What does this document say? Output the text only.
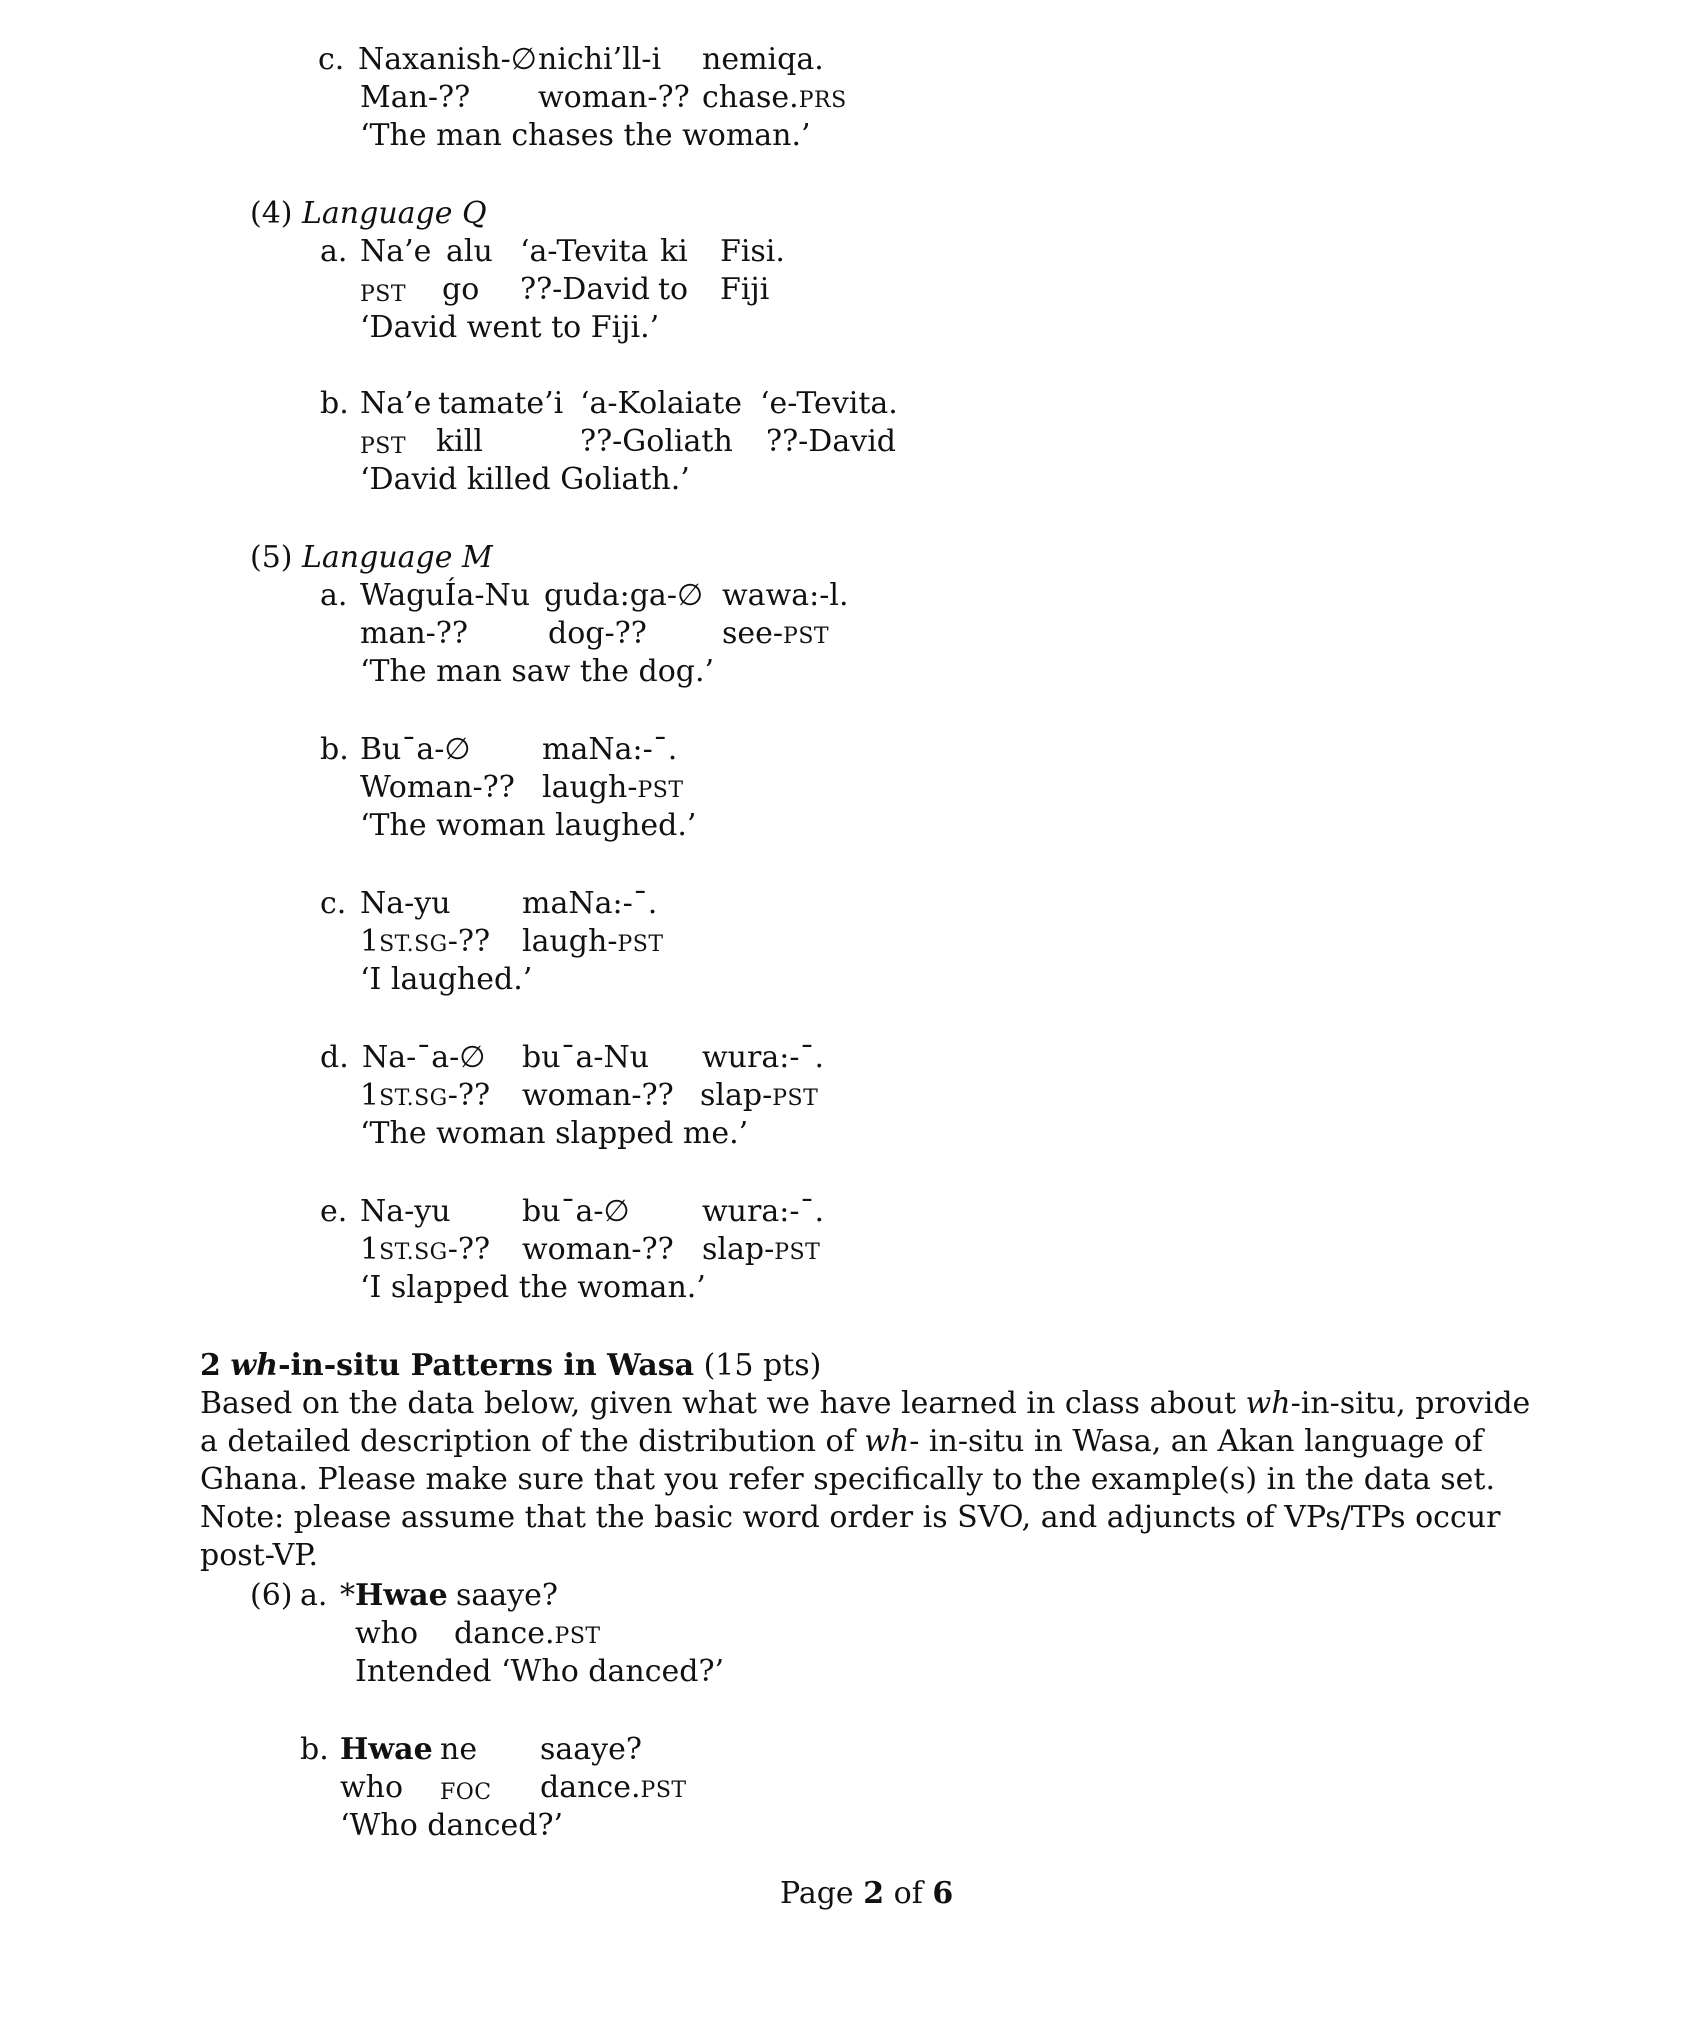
c. Naxanish-∅ nichi’ll-i nemiqa.
Man-?? woman-?? chase.PRS
‘The man chases the woman.’
(4) Language Q
a. Na’e alu ‘a-Tevita ki Fisi.
PST go ??-David to Fiji
‘David went to Fiji.’
b. Na’e tamate’i ‘a-Kolaiate ‘e-Tevita.
PST kill	??-Goliath ??-David
‘David killed Goliath.’
(5) Language M
a. WaguÍa-Nu guda:ga-∅ wawa:-l.
man-??	dog-??	see-PST
‘The man saw the dog.’
b. Bu¯a-∅ maNa:-¯.
Woman-?? laugh-PST
‘The woman laughed.’
c. Na-yu maNa:-¯.
1ST.SG-?? laugh-PST
‘I laughed.’
d. Na-¯a-∅ bu¯a-Nu wura:-¯.
1ST.SG-?? woman-?? slap-PST
‘The woman slapped me.’
e. Na-yu bu¯a-∅ wura:-¯.
1ST.SG-?? woman-?? slap-PST
‘I slapped the woman.’
2 wh-in-situ Patterns in Wasa (15 pts)

Based on the data below, given what we have learned in class about wh-in-situ, provide a detailed description of the distribution of wh- in-situ in Wasa, an Akan language of Ghana. Please make sure that you refer specifically to the example(s) in the data set.

Note: please assume that the basic word order is SVO, and adjuncts of VPs/TPs occur post-VP.

(6) a. *Hwae saaye?
who dance.PST
Intended ‘Who danced?’
b. Hwae ne saaye?
who FOC dance.PST
‘Who danced?’
Page 2 of 6
